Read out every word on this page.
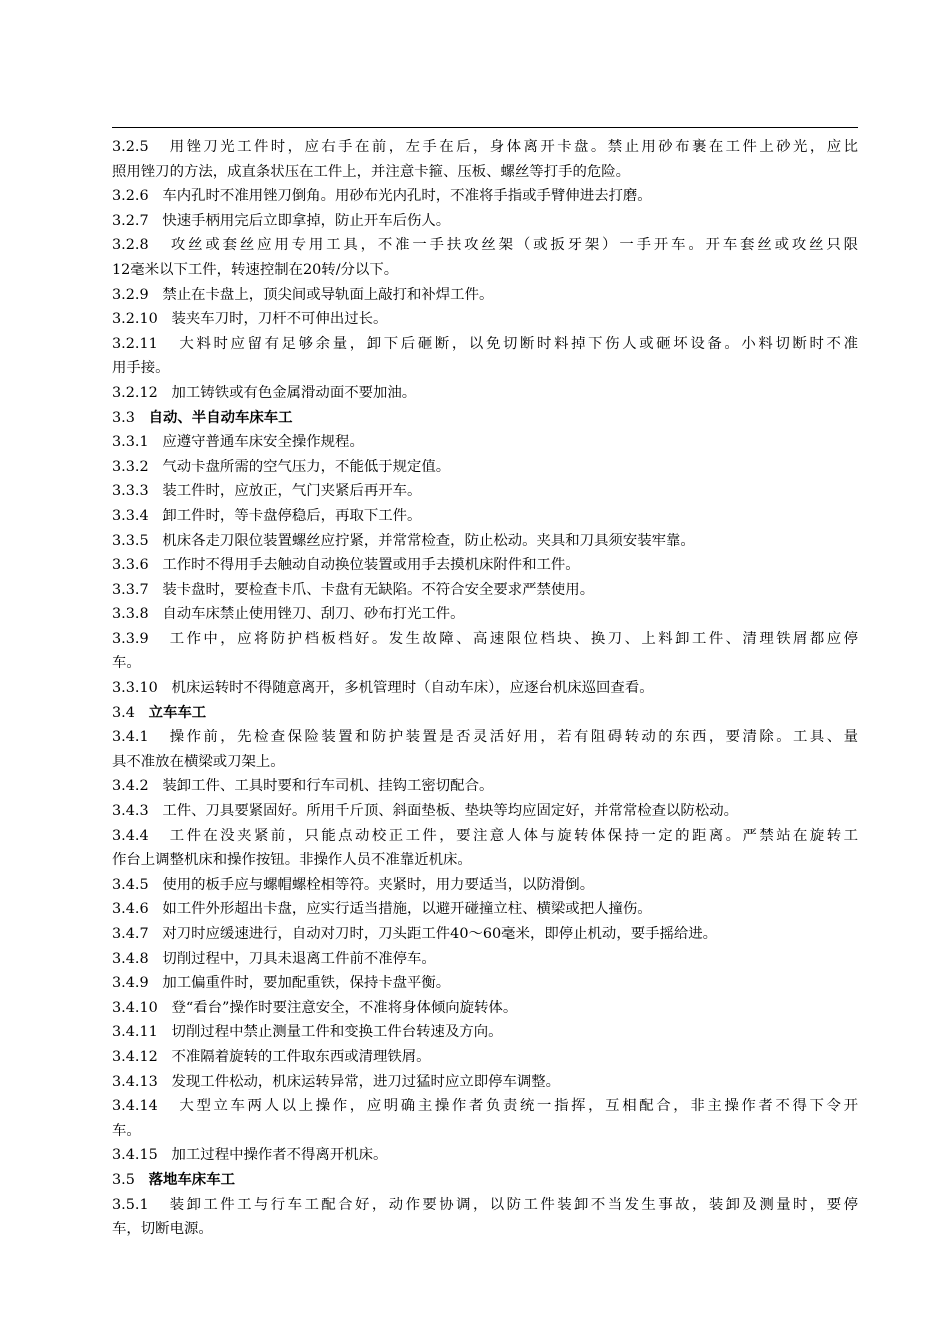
3.2.5 用锉刀光工件时，应右手在前，左手在后，身体离开卡盘。禁止用砂布裹在工件上砂光，应比
照用锉刀的方法，成直条状压在工件上，并注意卡箍、压板、螺丝等打手的危险。
3.2.6 车内孔时不准用锉刀倒角。用砂布光内孔时，不准将手指或手臂伸进去打磨。
3.2.7 快速手柄用完后立即拿掉，防止开车后伤人。
3.2.8 攻丝或套丝应用专用工具，不准一手扶攻丝架（或扳牙架）一手开车。开车套丝或攻丝只限
12毫米以下工件，转速控制在20转/分以下。
3.2.9 禁止在卡盘上，顶尖间或导轨面上敲打和补焊工件。
3.2.10 装夹车刀时，刀杆不可伸出过长。
3.2.11 大料时应留有足够余量，卸下后砸断，以免切断时料掉下伤人或砸坏设备。小料切断时不准
用手接。
3.2.12 加工铸铁或有色金属滑动面不要加油。
3.3 自动、半自动车床车工
3.3.1 应遵守普通车床安全操作规程。
3.3.2 气动卡盘所需的空气压力，不能低于规定值。
3.3.3 装工件时，应放正，气门夹紧后再开车。
3.3.4 卸工件时，等卡盘停稳后，再取下工件。
3.3.5 机床各走刀限位装置螺丝应拧紧，并常常检查，防止松动。夹具和刀具须安装牢靠。
3.3.6 工作时不得用手去触动自动换位装置或用手去摸机床附件和工件。
3.3.7 装卡盘时，要检查卡爪、卡盘有无缺陷。不符合安全要求严禁使用。
3.3.8 自动车床禁止使用锉刀、刮刀、砂布打光工件。
3.3.9 工作中，应将防护档板档好。发生故障、高速限位档块、换刀、上料卸工件、清理铁屑都应停
车。
3.3.10 机床运转时不得随意离开，多机管理时（自动车床），应逐台机床巡回查看。
3.4 立车车工
3.4.1 操作前，先检查保险装置和防护装置是否灵活好用，若有阻碍转动的东西，要清除。工具、量
具不准放在横梁或刀架上。
3.4.2 装卸工件、工具时要和行车司机、挂钩工密切配合。
3.4.3 工件、刀具要紧固好。所用千斤顶、斜面垫板、垫块等均应固定好，并常常检查以防松动。
3.4.4 工件在没夹紧前，只能点动校正工件，要注意人体与旋转体保持一定的距离。严禁站在旋转工
作台上调整机床和操作按钮。非操作人员不准靠近机床。
3.4.5 使用的板手应与螺帽螺栓相等符。夹紧时，用力要适当，以防滑倒。
3.4.6 如工件外形超出卡盘，应实行适当措施，以避开碰撞立柱、横梁或把人撞伤。
3.4.7 对刀时应缓速进行，自动对刀时，刀头距工件40～60毫米，即停止机动，要手摇给进。
3.4.8 切削过程中，刀具未退离工件前不准停车。
3.4.9 加工偏重件时，要加配重铁，保持卡盘平衡。
3.4.10 登“看台”操作时要注意安全，不准将身体倾向旋转体。
3.4.11 切削过程中禁止测量工件和变换工件台转速及方向。
3.4.12 不准隔着旋转的工件取东西或清理铁屑。
3.4.13 发现工件松动，机床运转异常，进刀过猛时应立即停车调整。
3.4.14 大型立车两人以上操作，应明确主操作者负责统一指挥，互相配合，非主操作者不得下令开
车。
3.4.15 加工过程中操作者不得离开机床。
3.5 落地车床车工
3.5.1 装卸工件工与行车工配合好，动作要协调，以防工件装卸不当发生事故，装卸及测量时，要停
车，切断电源。
